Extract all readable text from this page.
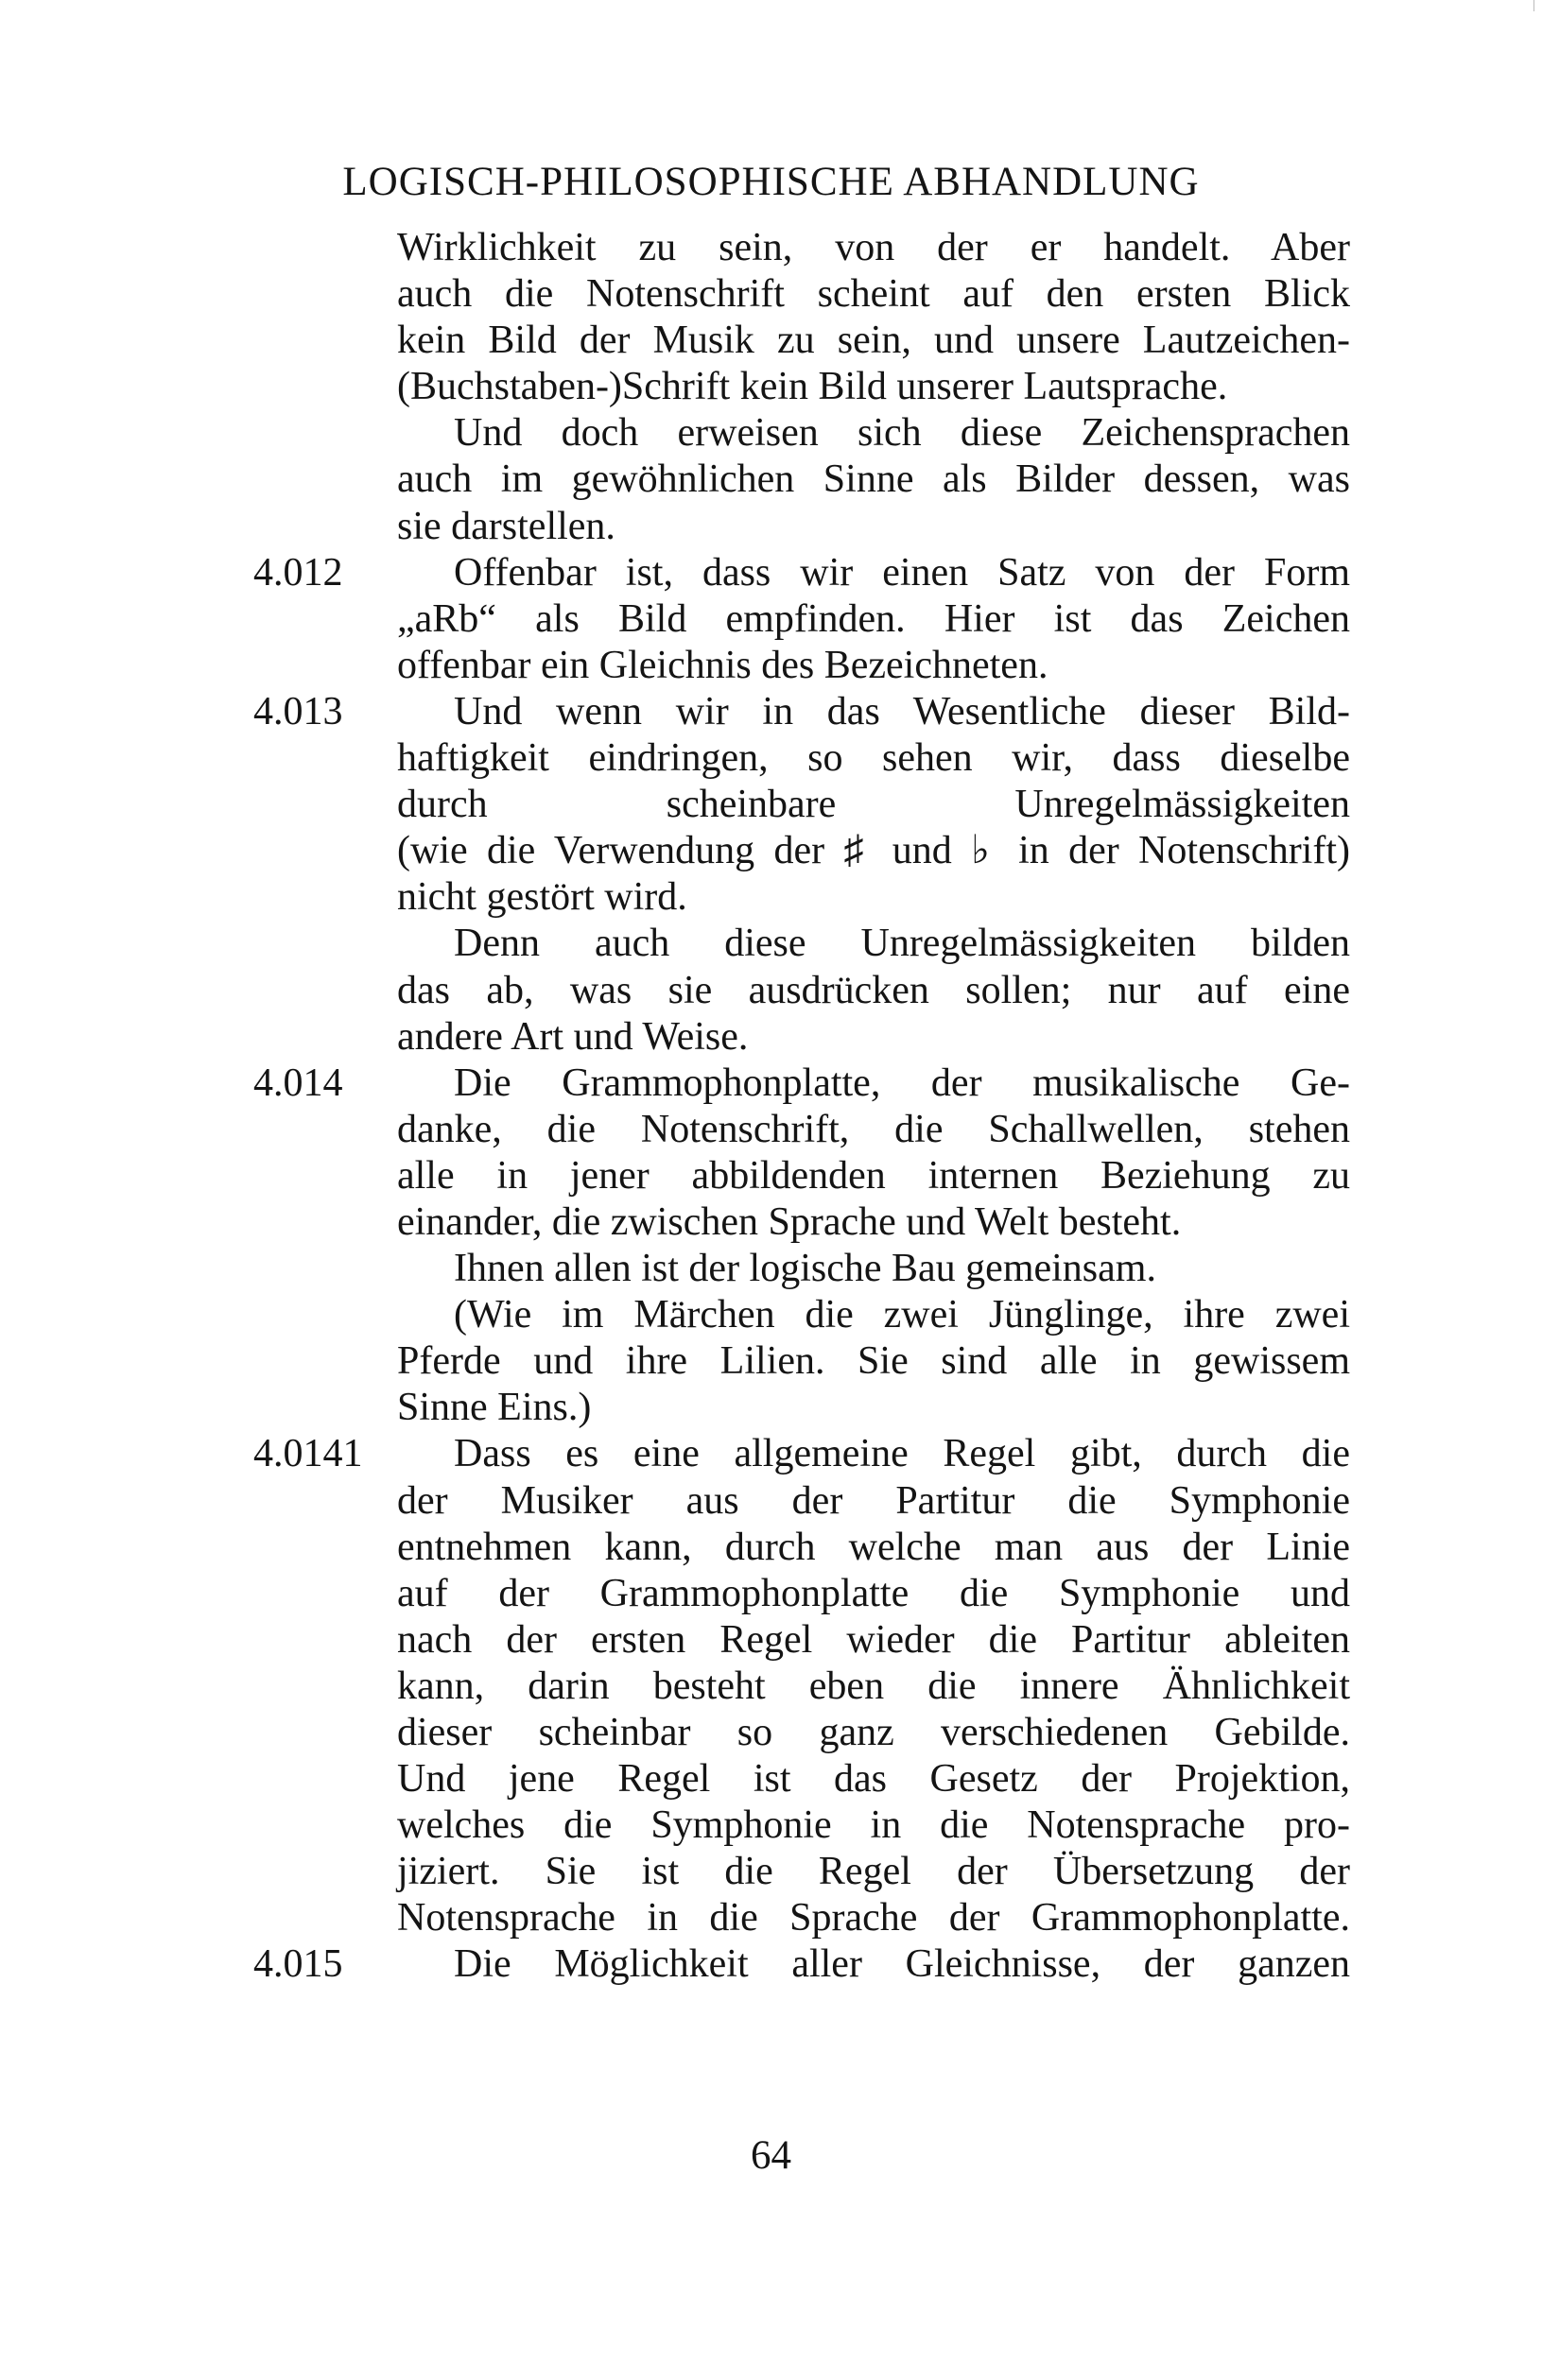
LOGISCH-PHILOSOPHISCHE ABHANDLUNG
Wirklichkeit zu sein, von der er handelt. Aber
auch die Notenschrift scheint auf den ersten Blick
kein Bild der Musik zu sein, und unsere Lautzeichen-
(Buchstaben-)Schrift kein Bild unserer Lautsprache.
Und doch erweisen sich diese Zeichensprachen
auch im gewöhnlichen Sinne als Bilder dessen, was
sie darstellen.
4.012	Offenbar ist, dass wir einen Satz von der Form
„aRb“ als Bild empfinden. Hier ist das Zeichen
offenbar ein Gleichnis des Bezeichneten.
4.013	Und wenn wir in das Wesentliche dieser Bild-
haftigkeit eindringen, so sehen wir, dass dieselbe
durch scheinbare Unregelmässigkeiten
(wie die Verwendung der ♯ und ♭ in der Notenschrift)
nicht gestört wird.
Denn auch diese Unregelmässigkeiten bilden
das ab, was sie ausdrücken sollen; nur auf eine
andere Art und Weise.
4.014	Die Grammophonplatte, der musikalische Ge-
danke, die Notenschrift, die Schallwellen, stehen
alle in jener abbildenden internen Beziehung zu
einander, die zwischen Sprache und Welt besteht.
Ihnen allen ist der logische Bau gemeinsam.
(Wie im Märchen die zwei Jünglinge, ihre zwei
Pferde und ihre Lilien. Sie sind alle in gewissem
Sinne Eins.)
4.0141 Dass es eine allgemeine Regel gibt, durch die
der Musiker aus der Partitur die Symphonie
entnehmen kann, durch welche man aus der Linie
auf der Grammophonplatte die Symphonie und
nach der ersten Regel wieder die Partitur ableiten
kann, darin besteht eben die innere Ähnlichkeit
dieser scheinbar so ganz verschiedenen Gebilde.
Und jene Regel ist das Gesetz der Projektion,
welches die Symphonie in die Notensprache pro-
jiziert. Sie ist die Regel der Übersetzung der
Notensprache in die Sprache der Grammophonplatte.
4.015	Die Möglichkeit aller Gleichnisse, der ganzen
64
